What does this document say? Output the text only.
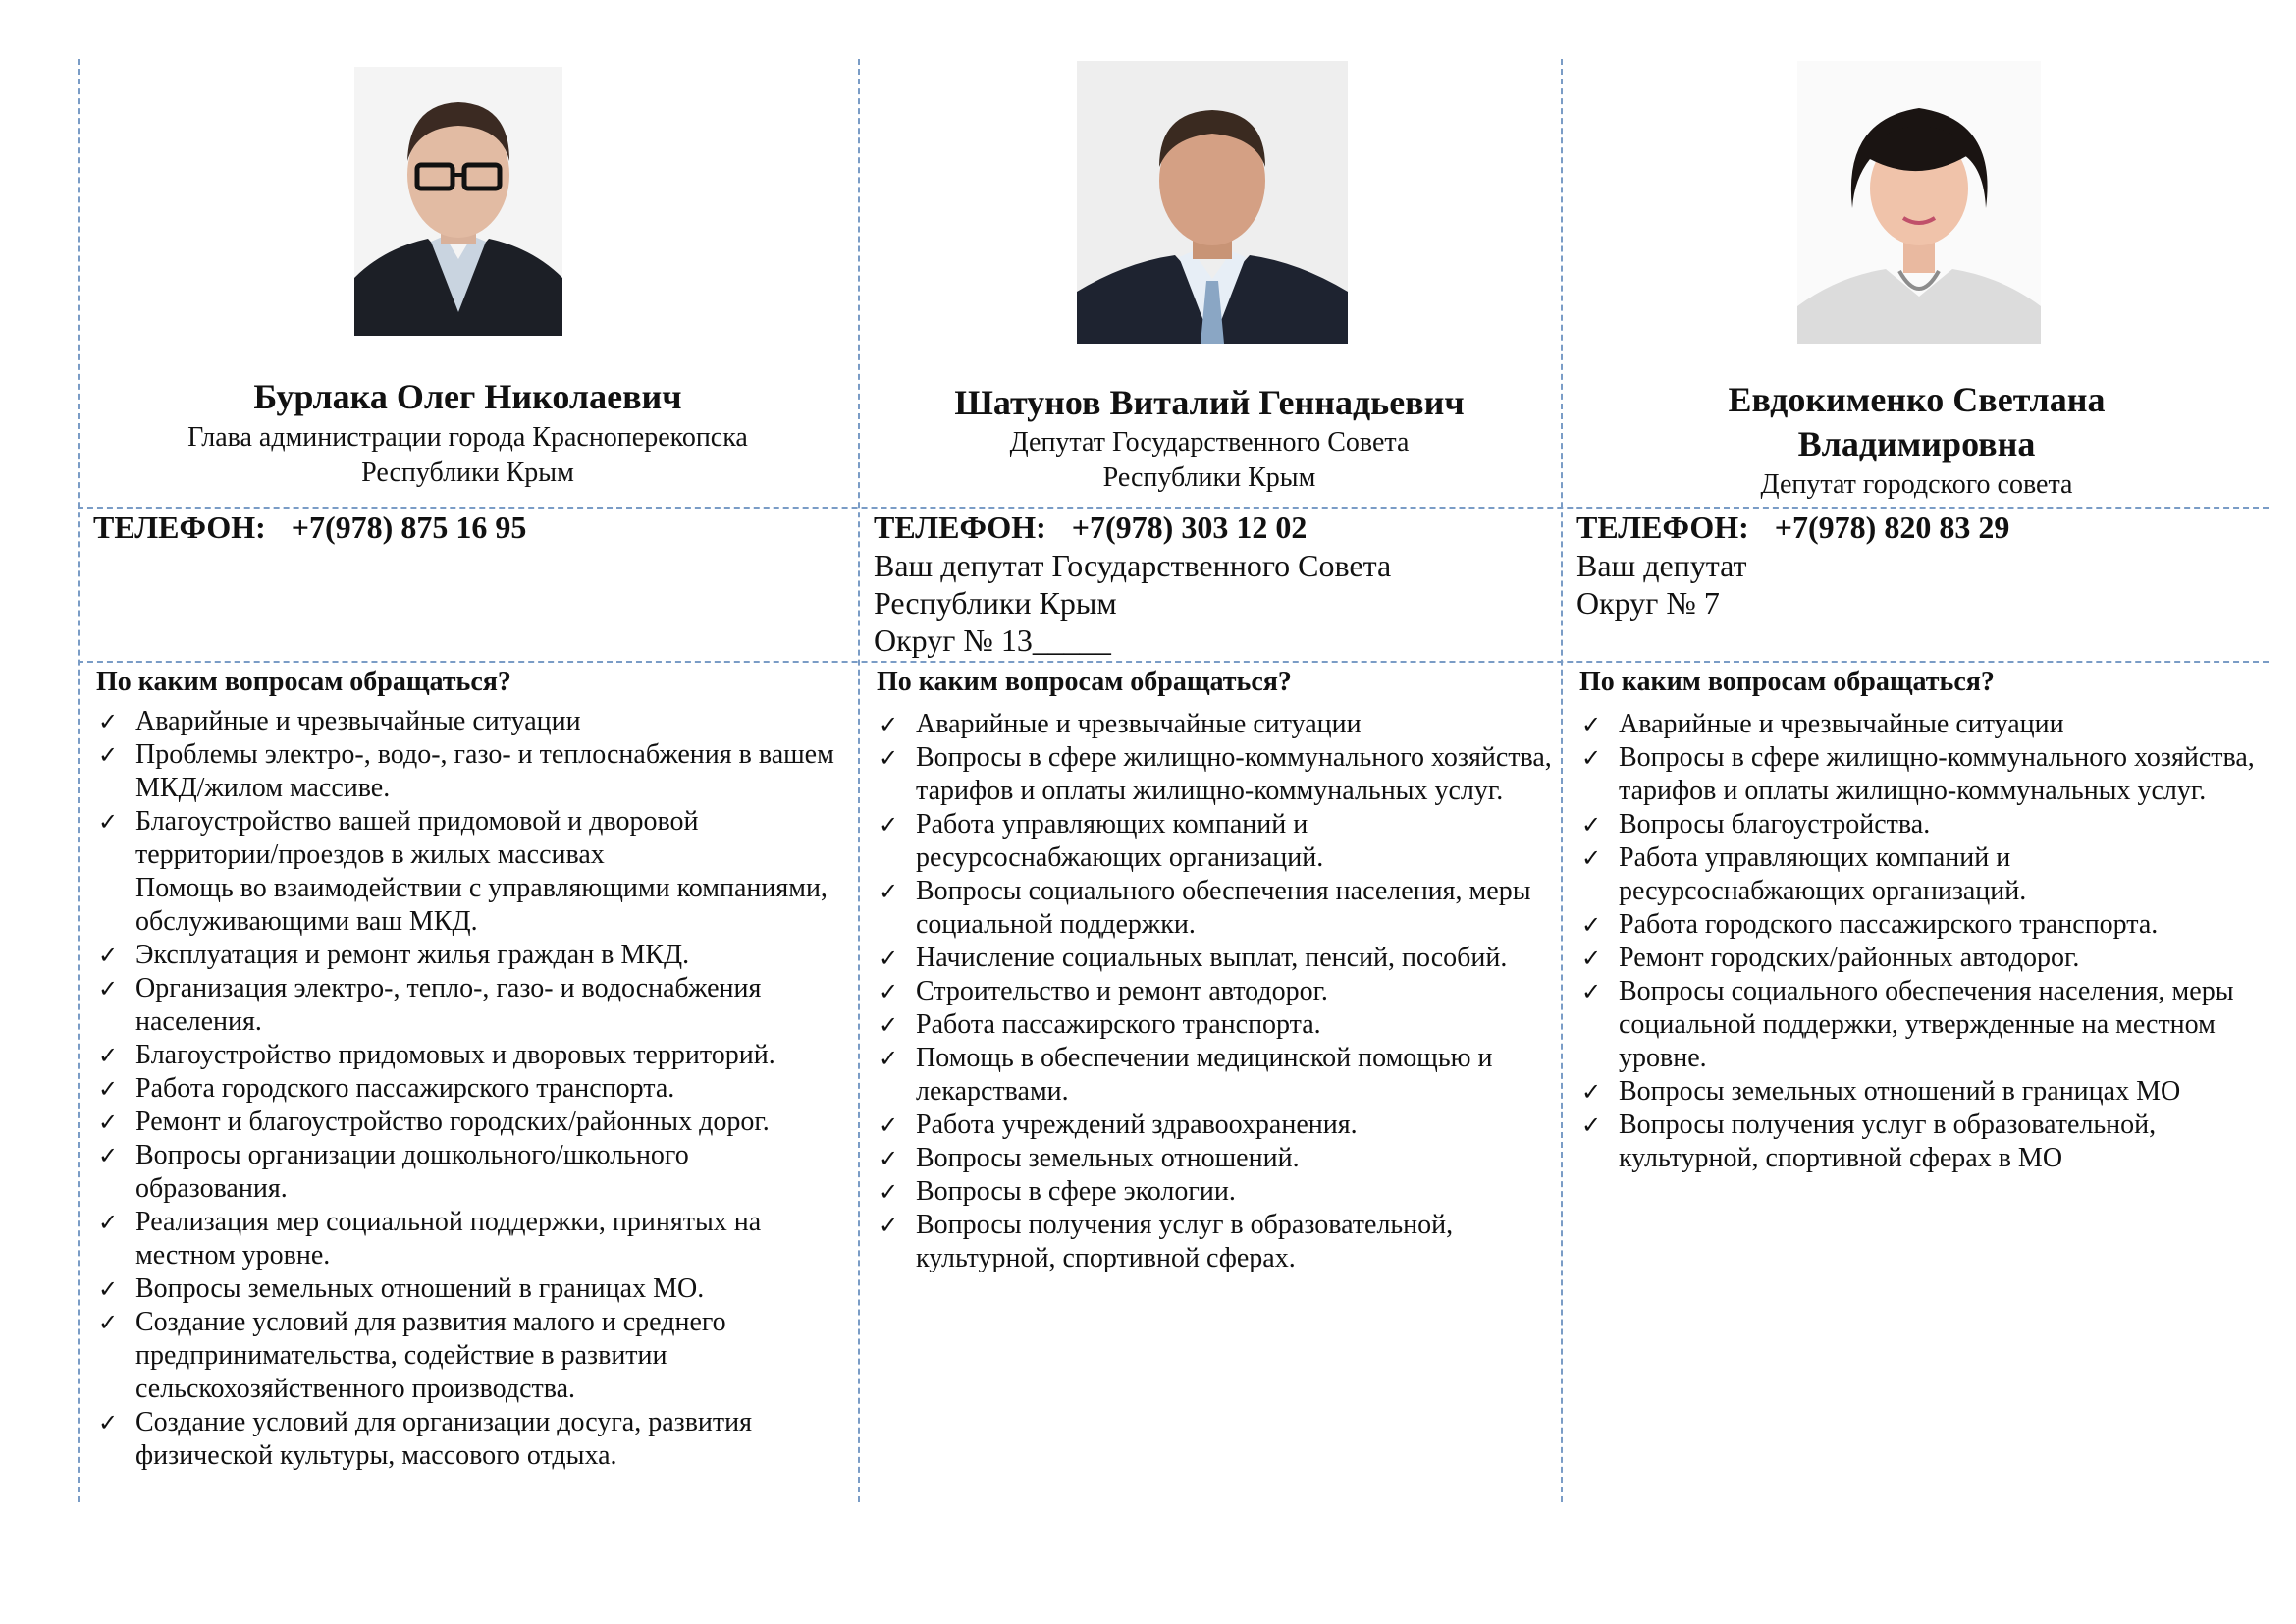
Бурлака Олег Николаевич
Глава администрации города Красноперекопска
Республики Крым
ТЕЛЕФОН: +7(978) 875 16 95
По каким вопросам обращаться?
✓ Аварийные и чрезвычайные ситуации
✓ Проблемы электро-, водо-, газо- и теплоснабжения в вашем МКД/жилом массиве.
✓ Благоустройство вашей придомовой и дворовой территории/проездов в жилых массивах
Помощь во взаимодействии с управляющими компаниями, обслуживающими ваш МКД.
✓ Эксплуатация и ремонт жилья граждан в МКД.
✓ Организация электро-, тепло-, газо- и водоснабжения населения.
✓ Благоустройство придомовых и дворовых территорий.
✓ Работа городского пассажирского транспорта.
✓ Ремонт и благоустройство городских/районных дорог.
✓ Вопросы организации дошкольного/школьного образования.
✓ Реализация мер социальной поддержки, принятых на местном уровне.
✓ Вопросы земельных отношений в границах МО.
✓ Создание условий для развития малого и среднего предпринимательства, содействие в развитии сельскохозяйственного производства.
✓ Создание условий для организации досуга, развития физической культуры, массового отдыха.
Шатунов Виталий Геннадьевич
Депутат Государственного Совета
Республики Крым
ТЕЛЕФОН: +7(978) 303 12 02
Ваш депутат Государственного Совета
Республики Крым
Округ № 13_____
По каким вопросам обращаться?
✓ Аварийные и чрезвычайные ситуации
✓ Вопросы в сфере жилищно-коммунального хозяйства, тарифов и оплаты жилищно-коммунальных услуг.
✓ Работа управляющих компаний и ресурсоснабжающих организаций.
✓ Вопросы социального обеспечения населения, меры социальной поддержки.
✓ Начисление социальных выплат, пенсий, пособий.
✓ Строительство и ремонт автодорог.
✓ Работа пассажирского транспорта.
✓ Помощь в обеспечении медицинской помощью и лекарствами.
✓ Работа учреждений здравоохранения.
✓ Вопросы земельных отношений.
✓ Вопросы в сфере экологии.
✓ Вопросы получения услуг в образовательной, культурной, спортивной сферах.
Евдокименко Светлана
Владимировна
Депутат городского совета
ТЕЛЕФОН: +7(978) 820 83 29
Ваш депутат
Округ № 7
По каким вопросам обращаться?
✓ Аварийные и чрезвычайные ситуации
✓ Вопросы в сфере жилищно-коммунального хозяйства, тарифов и оплаты жилищно-коммунальных услуг.
✓ Вопросы благоустройства.
✓ Работа управляющих компаний и ресурсоснабжающих организаций.
✓ Работа городского пассажирского транспорта.
✓ Ремонт городских/районных автодорог.
✓ Вопросы социального обеспечения населения, меры социальной поддержки, утвержденные на местном уровне.
✓ Вопросы земельных отношений в границах МО
✓ Вопросы получения услуг в образовательной, культурной, спортивной сферах в МО
